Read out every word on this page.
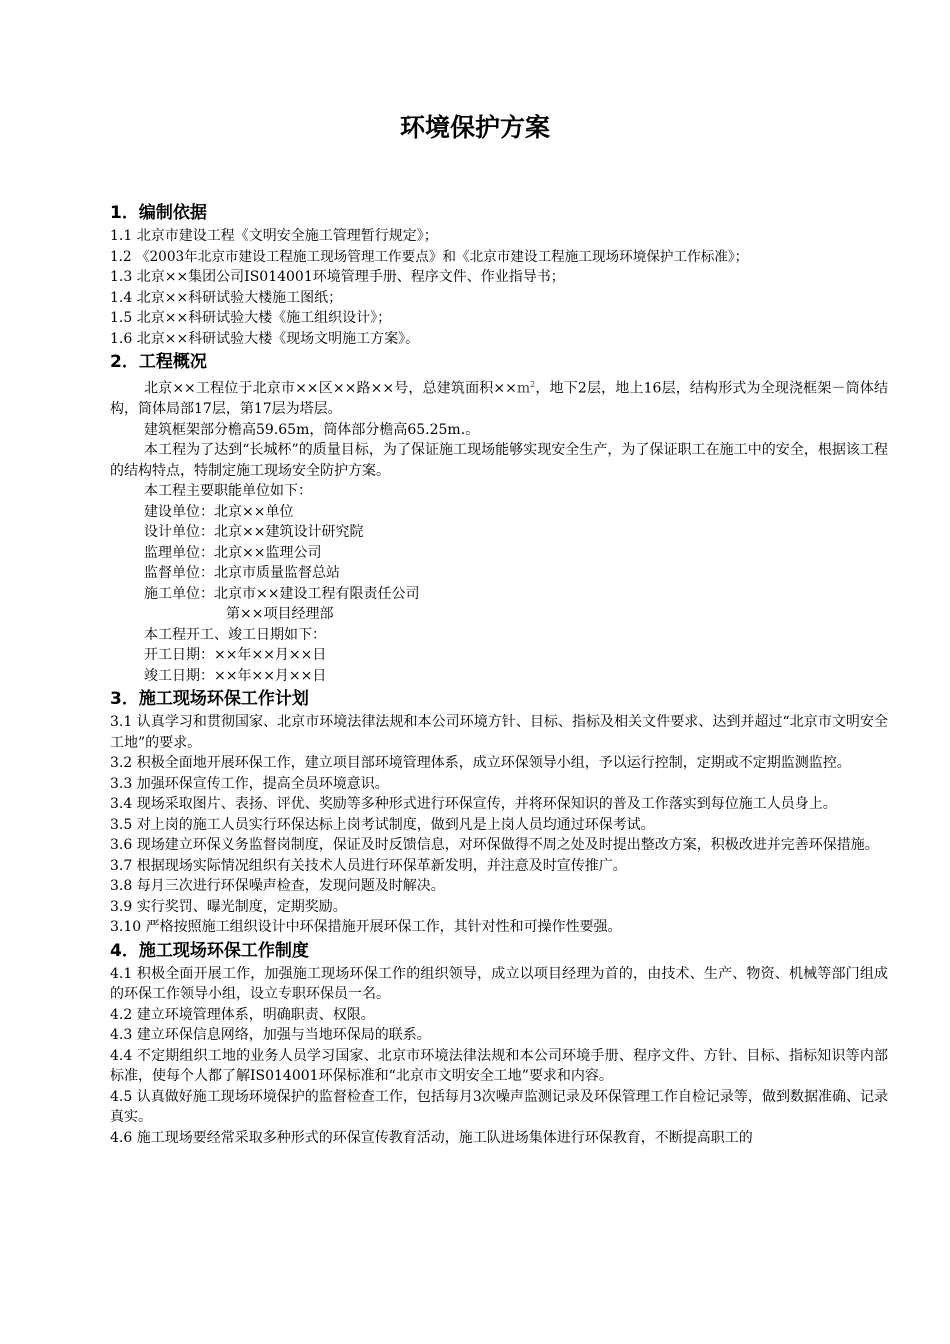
环境保护方案
1．编制依据

1.1 北京市建设工程《文明安全施工管理暂行规定》；

1.2 《2003年北京市建设工程施工现场管理工作要点》和《北京市建设工程施工现场环境保护工作标准》；

1.3 北京××集团公司IS014001环境管理手册、程序文件、作业指导书；

1.4 北京××科研试验大楼施工图纸；

1.5 北京××科研试验大楼《施工组织设计》；

1.6 北京××科研试验大楼《现场文明施工方案》。

2．工程概况

北京××工程位于北京市××区××路××号，总建筑面积$\times\times m^2$，地下2层，地上16层，结构形式为全现浇框架－筒体结构，筒体局部17层，第17层为塔层。

建筑框架部分檐高59.65m，筒体部分檐高65.25m.。

本工程为了达到“长城杯”的质量目标，为了保证施工现场能够实现安全生产，为了保证职工在施工中的安全，根据该工程的结构特点，特制定施工现场安全防护方案。

本工程主要职能单位如下：

建设单位：北京××单位

设计单位：北京××建筑设计研究院

监理单位：北京××监理公司

监督单位：北京市质量监督总站

施工单位：北京市××建设工程有限责任公司

第××项目经理部

本工程开工、竣工日期如下：

开工日期：××年××月××日

竣工日期：××年××月××日

3．施工现场环保工作计划

3.1 认真学习和贯彻国家、北京市环境法律法规和本公司环境方针、目标、指标及相关文件要求、达到并超过“北京市文明安全工地”的要求。

3.2 积极全面地开展环保工作，建立项目部环境管理体系，成立环保领导小组，予以运行控制，定期或不定期监测监控。

3.3 加强环保宣传工作，提高全员环境意识。

3.4 现场采取图片、表扬、评优、奖励等多种形式进行环保宣传，并将环保知识的普及工作落实到每位施工人员身上。

3.5 对上岗的施工人员实行环保达标上岗考试制度，做到凡是上岗人员均通过环保考试。

3.6 现场建立环保义务监督岗制度，保证及时反馈信息，对环保做得不周之处及时提出整改方案，积极改进并完善环保措施。

3.7 根据现场实际情况组织有关技术人员进行环保革新发明，并注意及时宣传推广。

3.8 每月三次进行环保噪声检查，发现问题及时解决。

3.9 实行奖罚、曝光制度，定期奖励。

3.10 严格按照施工组织设计中环保措施开展环保工作，其针对性和可操作性要强。

4．施工现场环保工作制度

4.1 积极全面开展工作，加强施工现场环保工作的组织领导，成立以项目经理为首的，由技术、生产、物资、机械等部门组成的环保工作领导小组，设立专职环保员一名。

4.2 建立环境管理体系，明确职责、权限。

4.3 建立环保信息网络，加强与当地环保局的联系。

4.4 不定期组织工地的业务人员学习国家、北京市环境法律法规和本公司环境手册、程序文件、方针、目标、指标知识等内部标准，使每个人都了解IS014001环保标准和“北京市文明安全工地”要求和内容。

4.5 认真做好施工现场环境保护的监督检查工作，包括每月3次噪声监测记录及环保管理工作自检记录等，做到数据准确、记录真实。

4.6 施工现场要经常采取多种形式的环保宣传教育活动，施工队进场集体进行环保教育，不断提高职工的
